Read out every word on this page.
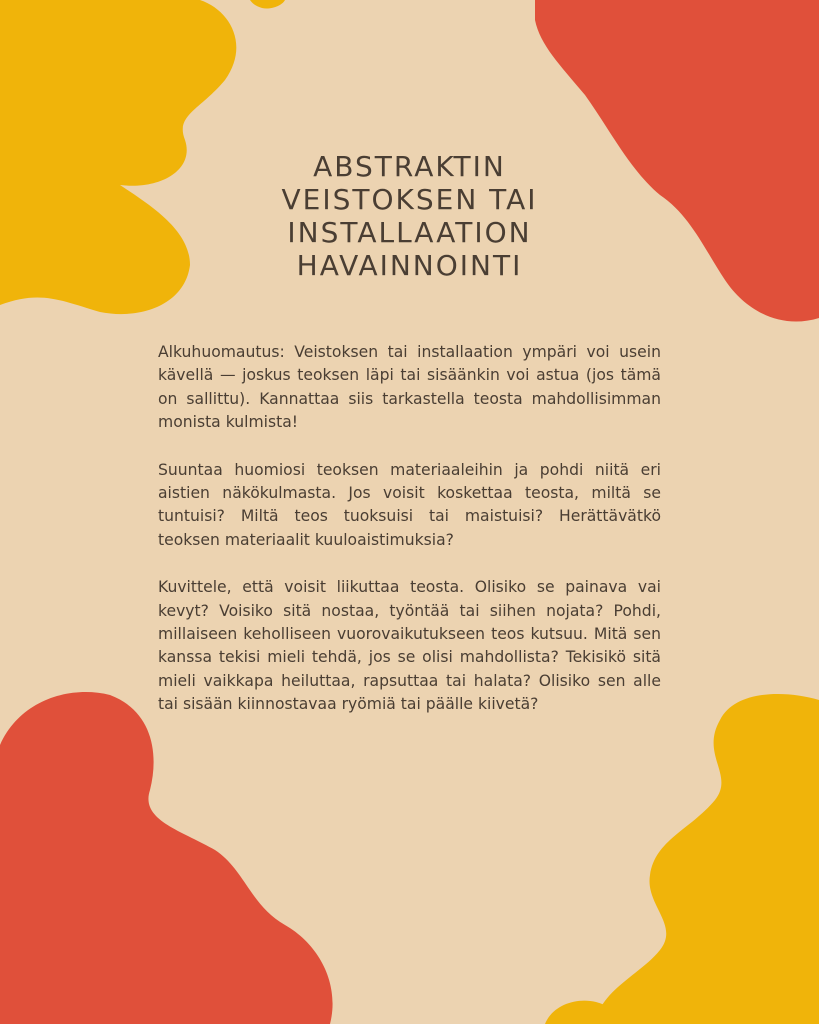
ABSTRAKTIN
VEISTOKSEN TAI
INSTALLAATION
HAVAINNOINTI

Alkuhuomautus: Veistoksen tai installaation ympäri voi usein kävellä — joskus teoksen läpi tai sisäänkin voi astua (jos tämä on sallittu). Kannattaa siis tarkastella teosta mahdollisimman monista kulmista!

Suuntaa huomiosi teoksen materiaaleihin ja pohdi niitä eri aistien näkökulmasta. Jos voisit koskettaa teosta, miltä se tuntuisi? Miltä teos tuoksuisi tai maistuisi? Herättävätkö teoksen materiaalit kuuloaistimuksia?

Kuvittele, että voisit liikuttaa teosta. Olisiko se painava vai kevyt? Voisiko sitä nostaa, työntää tai siihen nojata? Pohdi, millaiseen keholliseen vuorovaikutukseen teos kutsuu. Mitä sen kanssa tekisi mieli tehdä, jos se olisi mahdollista? Tekisikö sitä mieli vaikkapa heiluttaa, rapsuttaa tai halata? Olisiko sen alle tai sisään kiinnostavaa ryömiä tai päälle kiivetä?
